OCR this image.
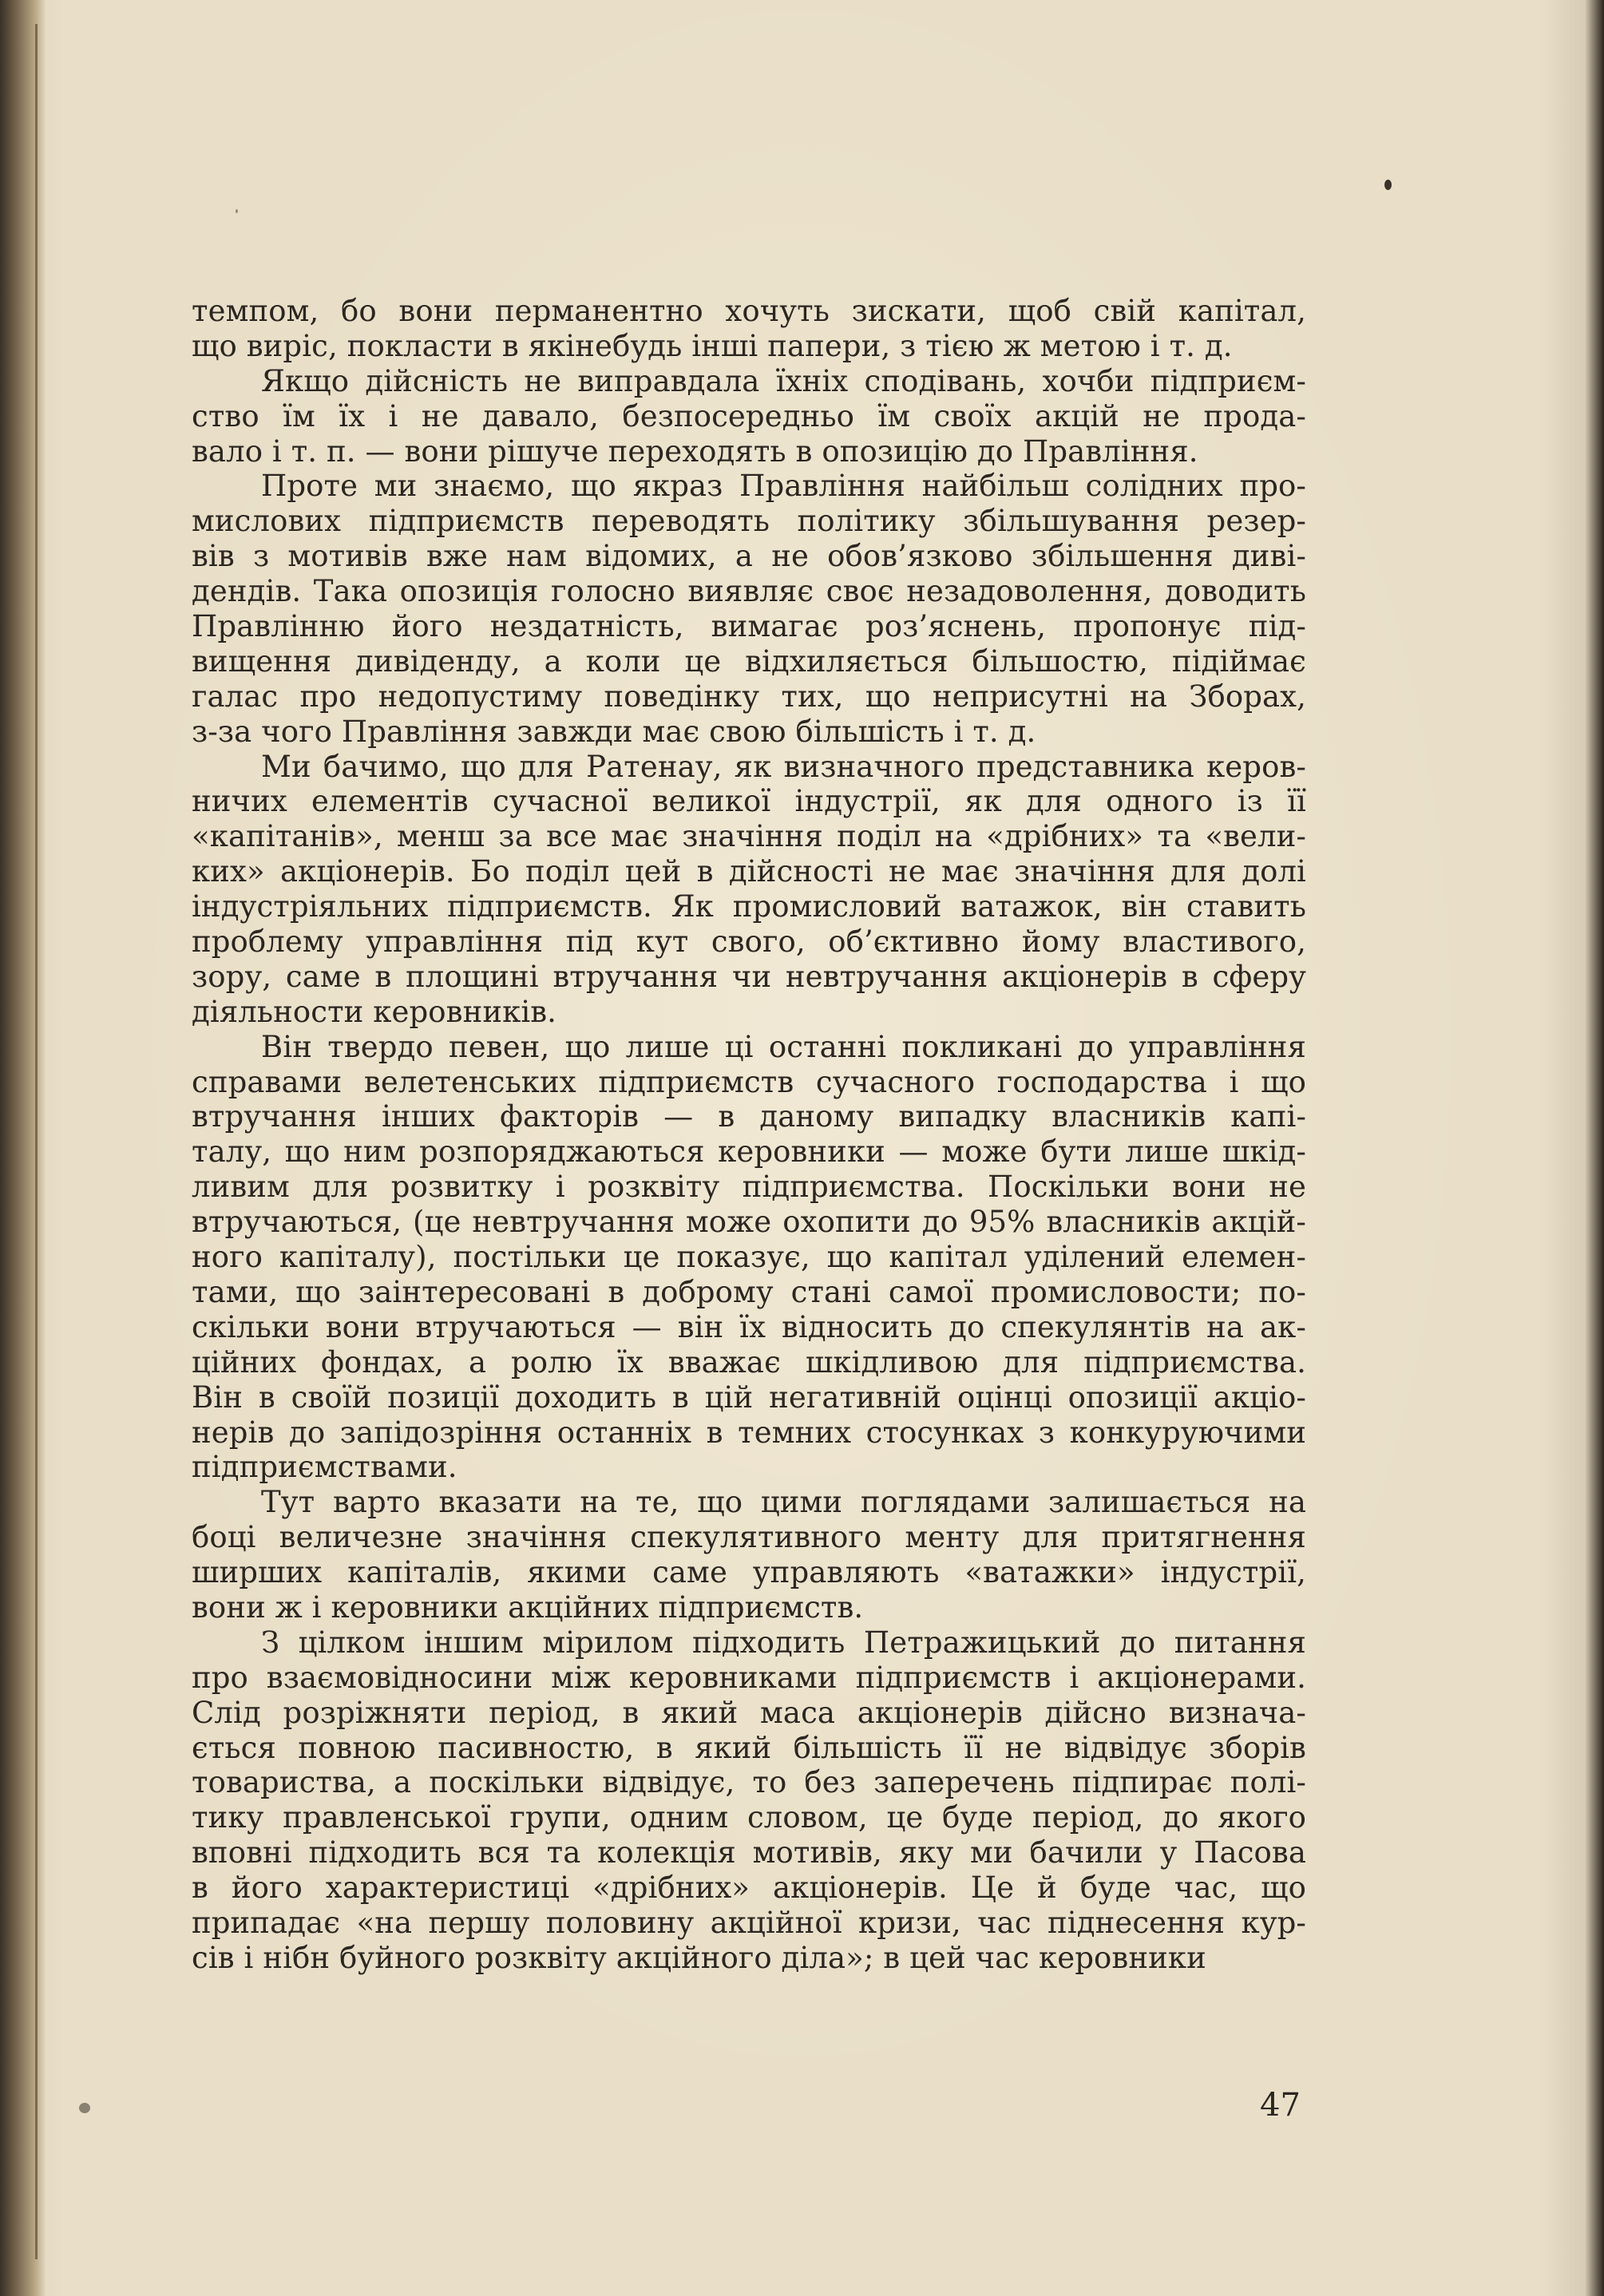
темпом, бо вони перманентно хочуть зискати, щоб свій капітал,
що виріс, покласти в якінебудь інші папери, з тією ж метою і т. д.
Якщо дійсність не виправдала їхніх сподівань, хочби підприєм-
ство їм їх і не давало, безпосередньо їм своїх акцій не прода-
вало і т. п. — вони рішуче переходять в опозицію до Правління.
Проте ми знаємо, що якраз Правління найбільш солідних про-
мислових підприємств переводять політику збільшування резер-
вів з мотивів вже нам відомих, а не обов’язково збільшення диві-
дендів. Така опозиція голосно виявляє своє незадоволення, доводить
Правлінню його нездатність, вимагає роз’яснень, пропонує під-
вищення дивіденду, а коли це відхиляється більшостю, підіймає
галас про недопустиму поведінку тих, що неприсутні на Зборах,
з-за чого Правління завжди має свою більшість і т. д.
Ми бачимо, що для Ратенау, як визначного представника керов-
ничих елементів сучасної великої індустрії, як для одного із її
«капітанів», менш за все має значіння поділ на «дрібних» та «вели-
ких» акціонерів. Бо поділ цей в дійсності не має значіння для долі
індустріяльних підприємств. Як промисловий ватажок, він ставить
проблему управління під кут свого, об’єктивно йому властивого,
зору, саме в площині втручання чи невтручання акціонерів в сферу
діяльности керовників.
Він твердо певен, що лише ці останні покликані до управління
справами велетенських підприємств сучасного господарства і що
втручання інших факторів — в даному випадку власників капі-
талу, що ним розпоряджаються керовники — може бути лише шкід-
ливим для розвитку і розквіту підприємства. Поскільки вони не
втручаються, (це невтручання може охопити до 95% власників акцій-
ного капіталу), постільки це показує, що капітал уділений елемен-
тами, що заінтересовані в доброму стані самої промисловости; по-
скільки вони втручаються — він їх відносить до спекулянтів на ак-
ційних фондах, а ролю їх вважає шкідливою для підприємства.
Він в своїй позиції доходить в цій негативній оцінці опозиції акціо-
нерів до запідозріння останніх в темних стосунках з конкуруючими
підприємствами.
Тут варто вказати на те, що цими поглядами залишається на
боці величезне значіння спекулятивного менту для притягнення
ширших капіталів, якими саме управляють «ватажки» індустрії,
вони ж і керовники акційних підприємств.
З цілком іншим мірилом підходить Петражицький до питання
про взаємовідносини між керовниками підприємств і акціонерами.
Слід розріжняти період, в який маса акціонерів дійсно визнача-
ється повною пасивностю, в який більшість її не відвідує зборів
товариства, а поскільки відвідує, то без заперечень підпирає полі-
тику правленської групи, одним словом, це буде період, до якого
вповні підходить вся та колекція мотивів, яку ми бачили у Пасова
в його характеристиці «дрібних» акціонерів. Це й буде час, що
припадає «на першу половину акційної кризи, час піднесення кур-
сів і нібн буйного розквіту акційного діла»; в цей час керовники
47
